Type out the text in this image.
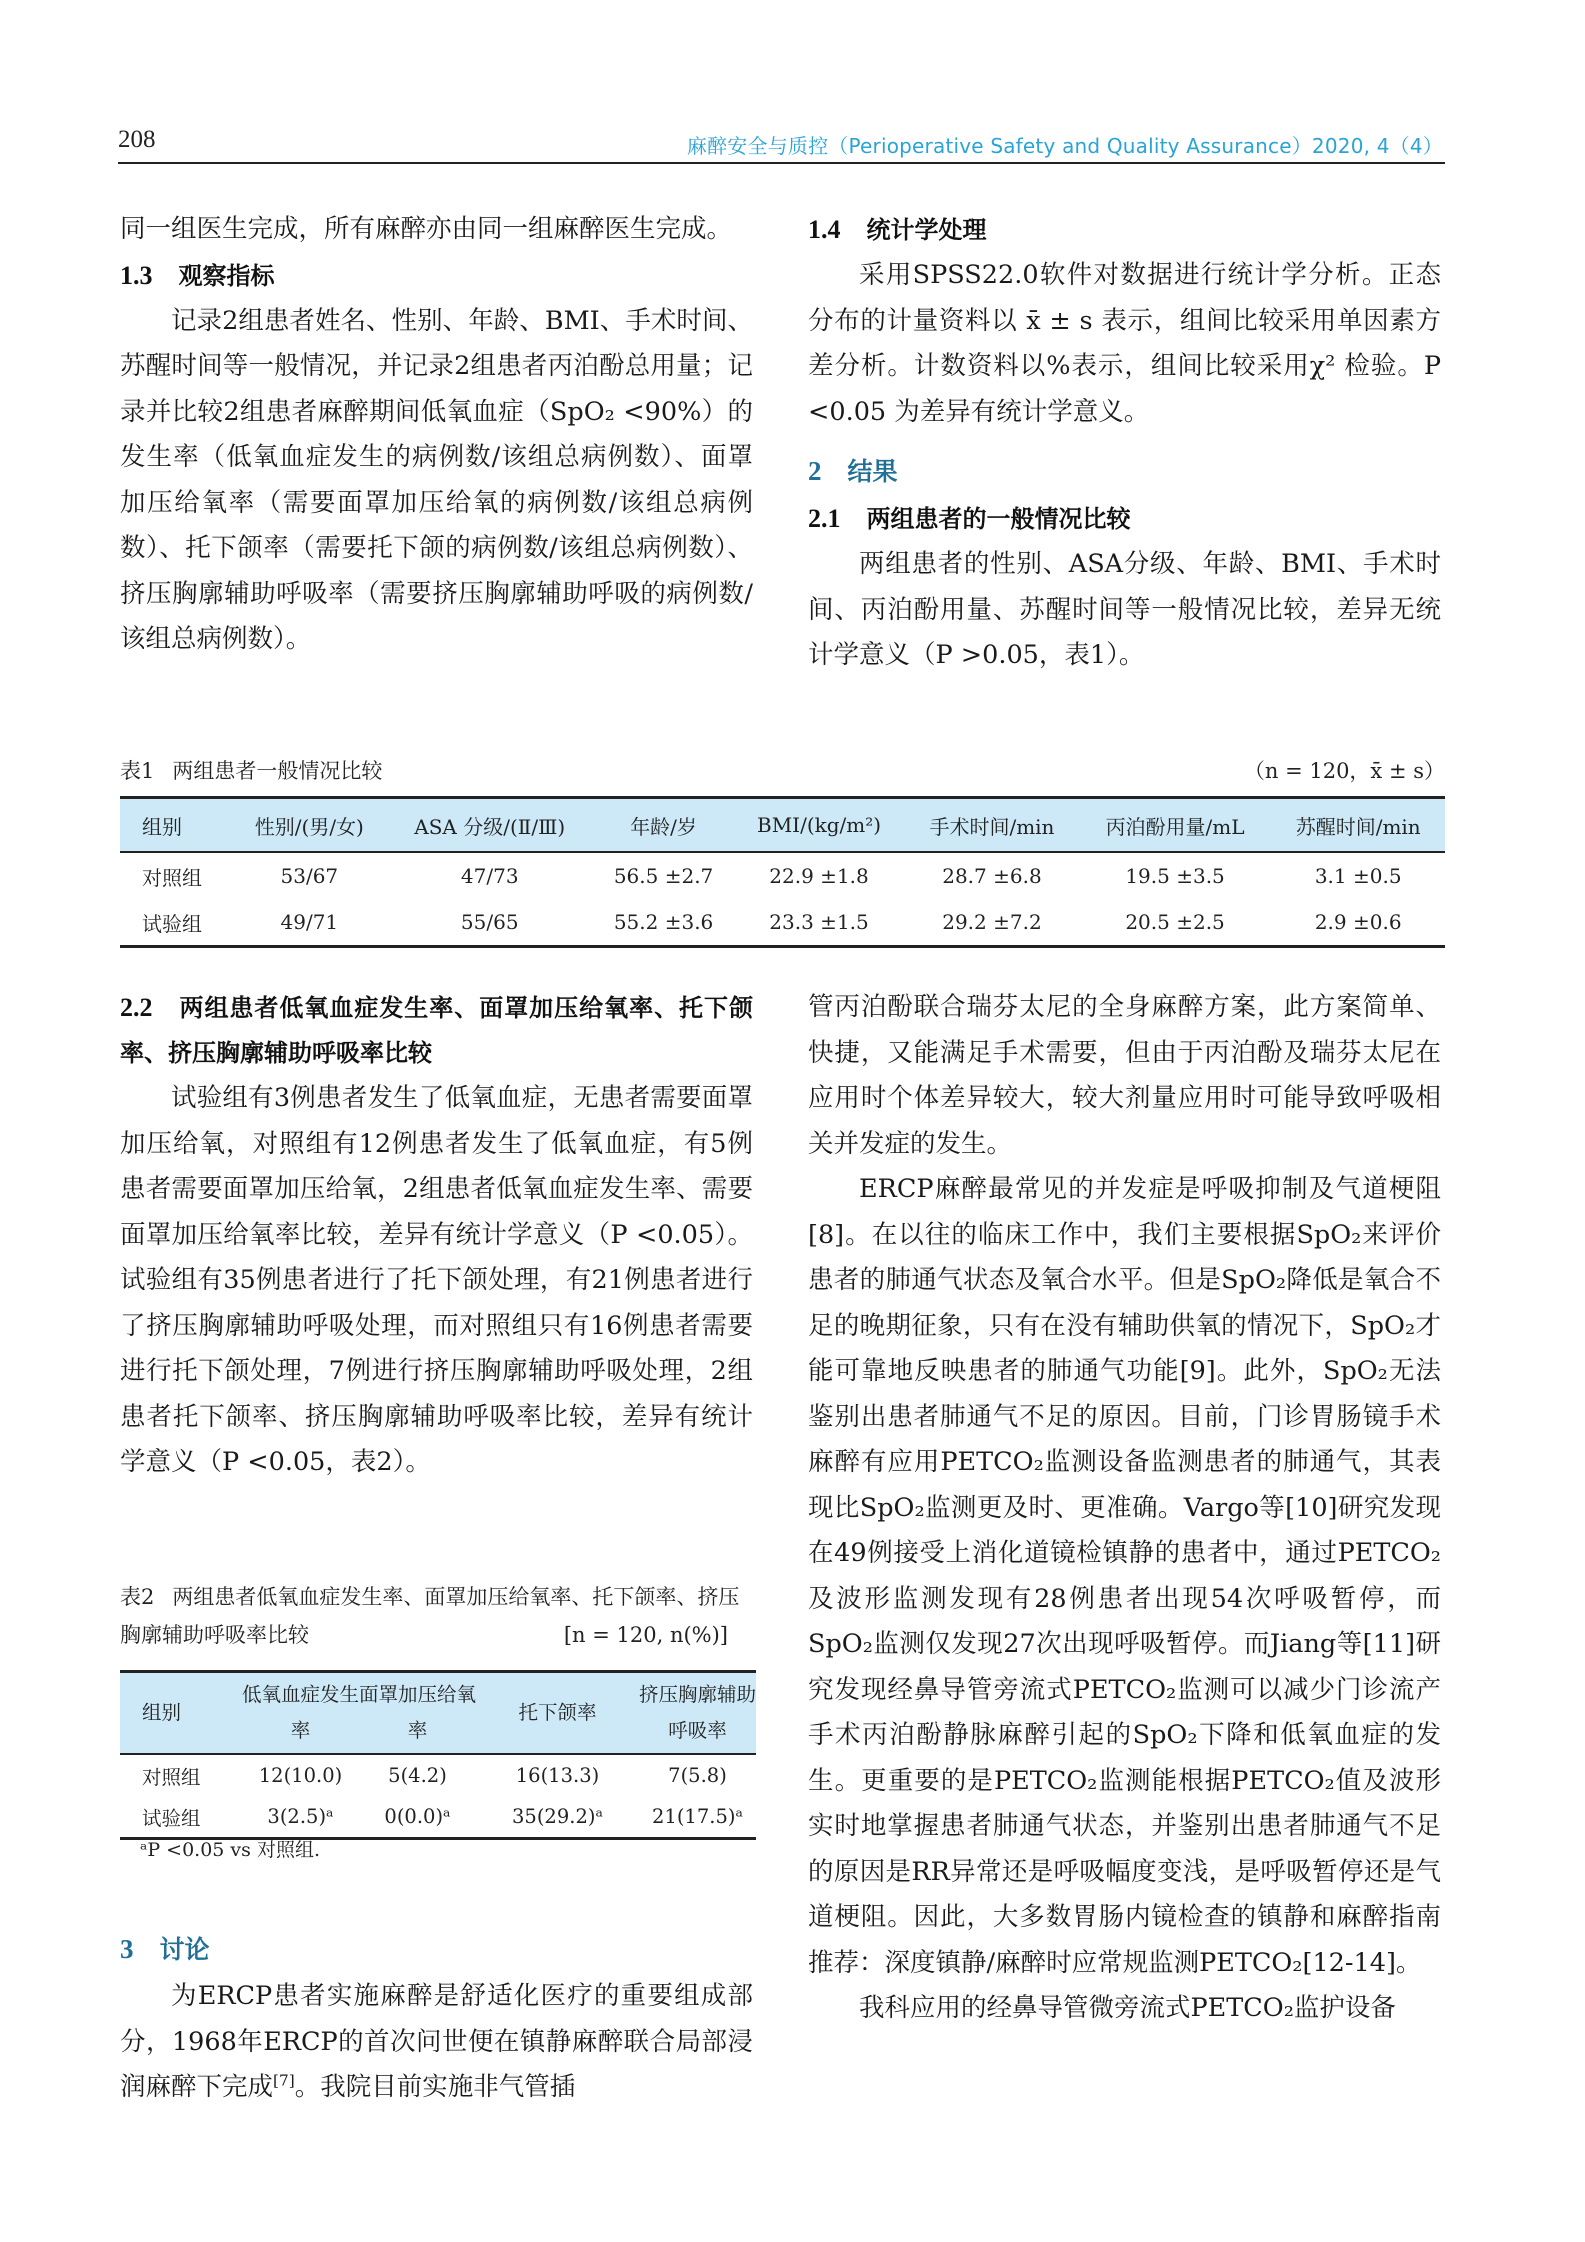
208	麻醉安全与质控（Perioperative Safety and Quality Assurance）2020, 4（4）

同一组医生完成，所有麻醉亦由同一组麻醉医生完成。

1.3 观察指标

记录2组患者姓名、性别、年龄、BMI、手术时间、苏醒时间等一般情况，并记录2组患者丙泊酚总用量；记录并比较2组患者麻醉期间低氧血症（SpO₂ <90%）的发生率（低氧血症发生的病例数/该组总病例数）、面罩加压给氧率（需要面罩加压给氧的病例数/该组总病例数）、托下颌率（需要托下颌的病例数/该组总病例数）、挤压胸廓辅助呼吸率（需要挤压胸廓辅助呼吸的病例数/该组总病例数）。

1.4 统计学处理

采用SPSS22.0软件对数据进行统计学分析。正态分布的计量资料以 x̄ ± s 表示，组间比较采用单因素方差分析。计数资料以%表示，组间比较采用χ² 检验。P <0.05 为差异有统计学意义。

2 结果
2.1 两组患者的一般情况比较

两组患者的性别、ASA分级、年龄、BMI、手术时间、丙泊酚用量、苏醒时间等一般情况比较，差异无统计学意义（P >0.05，表1）。

表1 两组患者一般情况比较	（n = 120，x̄ ± s）
组别	性别/(男/女)	ASA 分级/(Ⅱ/Ⅲ)	年龄/岁	BMI/(kg/m²)	手术时间/min	丙泊酚用量/mL	苏醒时间/min
对照组	53/67	47/73	56.5 ±2.7	22.9 ±1.8	28.7 ±6.8	19.5 ±3.5	3.1 ±0.5
试验组	49/71	55/65	55.2 ±3.6	23.3 ±1.5	29.2 ±7.2	20.5 ±2.5	2.9 ±0.6
2.2 两组患者低氧血症发生率、面罩加压给氧率、托下颌率、挤压胸廓辅助呼吸率比较

试验组有3例患者发生了低氧血症，无患者需要面罩加压给氧，对照组有12例患者发生了低氧血症，有5例患者需要面罩加压给氧，2组患者低氧血症发生率、需要面罩加压给氧率比较，差异有统计学意义（P <0.05）。试验组有35例患者进行了托下颌处理，有21例患者进行了挤压胸廓辅助呼吸处理，而对照组只有16例患者需要进行托下颌处理，7例进行挤压胸廓辅助呼吸处理，2组患者托下颌率、挤压胸廓辅助呼吸率比较，差异有统计学意义（P <0.05，表2）。

表2 两组患者低氧血症发生率、面罩加压给氧率、托下颌率、挤压胸廓辅助呼吸率比较	[n = 120, n(%)]
组别	低氧血症发生率	面罩加压给氧率	托下颌率	挤压胸廓辅助呼吸率
对照组	12(10.0)	5(4.2)	16(13.3)	7(5.8)
试验组	3(2.5)ᵃ	0(0.0)ᵃ	35(29.2)ᵃ	21(17.5)ᵃ
ᵃP <0.05 vs 对照组.
3 讨论

为ERCP患者实施麻醉是舒适化医疗的重要组成部分，1968年ERCP的首次问世便在镇静麻醉联合局部浸润麻醉下完成[7]。我院目前实施非气管插

管丙泊酚联合瑞芬太尼的全身麻醉方案，此方案简单、快捷，又能满足手术需要，但由于丙泊酚及瑞芬太尼在应用时个体差异较大，较大剂量应用时可能导致呼吸相关并发症的发生。

ERCP麻醉最常见的并发症是呼吸抑制及气道梗阻[8]。在以往的临床工作中，我们主要根据SpO₂来评价患者的肺通气状态及氧合水平。但是SpO₂降低是氧合不足的晚期征象，只有在没有辅助供氧的情况下，SpO₂才能可靠地反映患者的肺通气功能[9]。此外，SpO₂无法鉴别出患者肺通气不足的原因。目前，门诊胃肠镜手术麻醉有应用PETCO₂监测设备监测患者的肺通气，其表现比SpO₂监测更及时、更准确。Vargo等[10]研究发现在49例接受上消化道镜检镇静的患者中，通过PETCO₂及波形监测发现有28例患者出现54次呼吸暂停，而SpO₂监测仅发现27次出现呼吸暂停。而Jiang等[11]研究发现经鼻导管旁流式PETCO₂监测可以减少门诊流产手术丙泊酚静脉麻醉引起的SpO₂下降和低氧血症的发生。更重要的是PETCO₂监测能根据PETCO₂值及波形实时地掌握患者肺通气状态，并鉴别出患者肺通气不足的原因是RR异常还是呼吸幅度变浅，是呼吸暂停还是气道梗阻。因此，大多数胃肠内镜检查的镇静和麻醉指南推荐：深度镇静/麻醉时应常规监测PETCO₂[12-14]。

我科应用的经鼻导管微旁流式PETCO₂监护设备
